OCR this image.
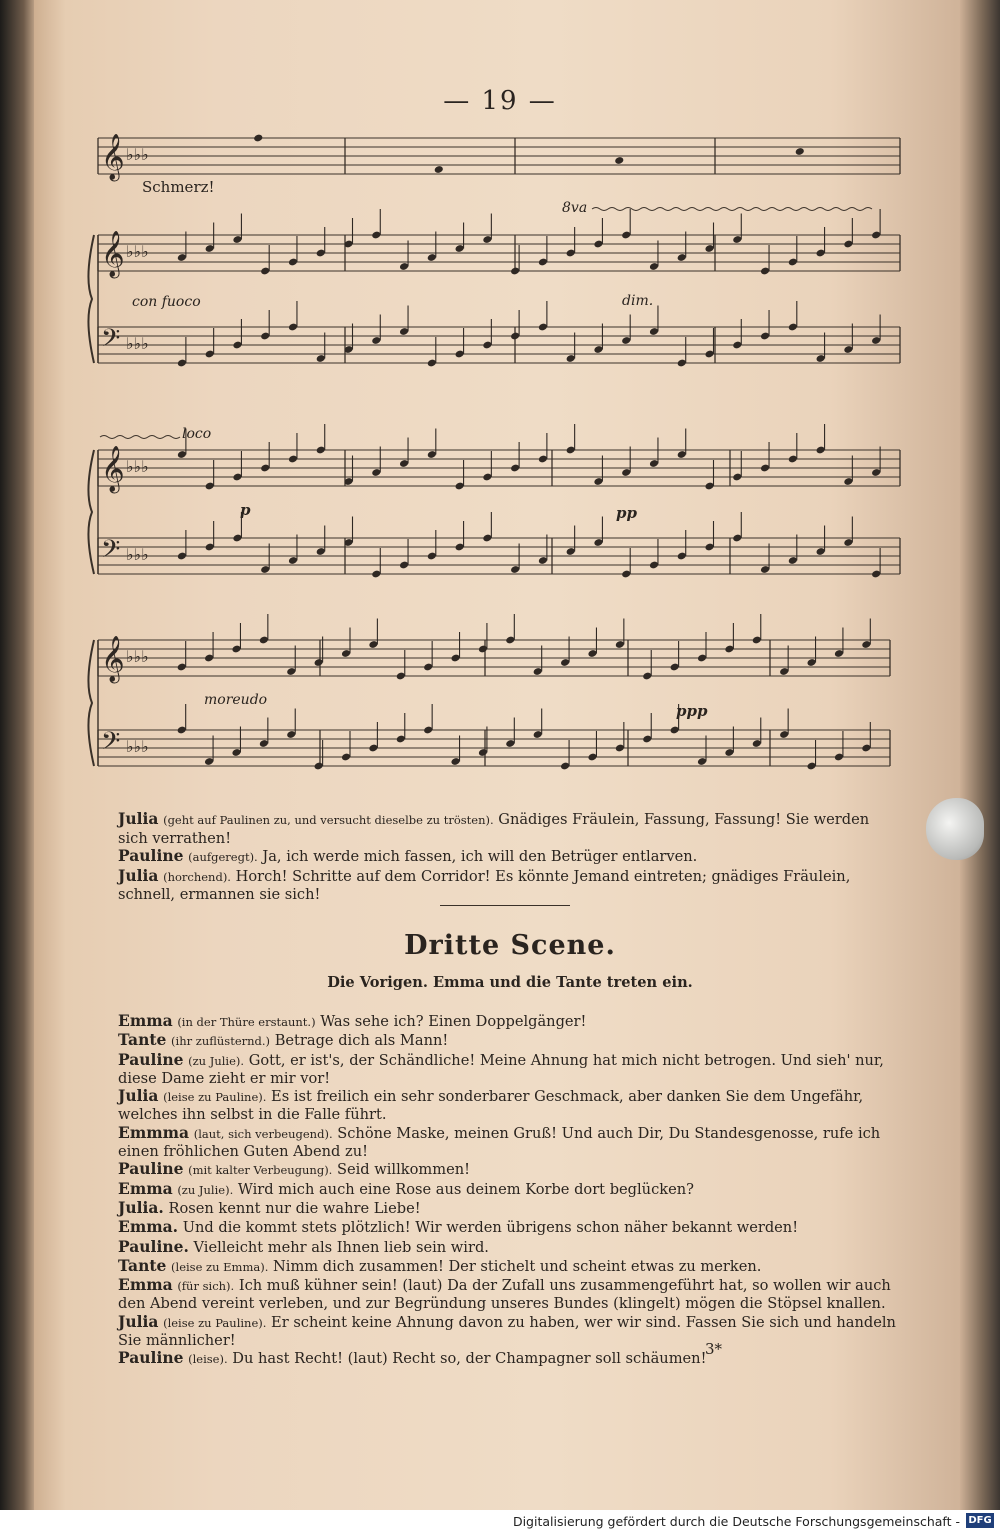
— 19 —
𝄞 ♭♭♭
𝄞 ♭♭♭
𝄢 ♭♭♭
𝄞 ♭♭♭
𝄢 ♭♭♭
𝄞 ♭♭♭
𝄢 ♭♭♭
Schmerz!
8va
loco
con fuoco	dim.
p	pp
moreudo
ppp
Julia (geht auf Paulinen zu, und versucht dieselbe zu trösten). Gnädiges Fräulein, Fassung, Fassung! Sie werden sich verrathen!
Pauline (aufgeregt). Ja, ich werde mich fassen, ich will den Betrüger entlarven.
Julia (horchend). Horch! Schritte auf dem Corridor! Es könnte Jemand eintreten; gnädiges Fräulein, schnell, ermannen sie sich!
Dritte Scene.
Die Vorigen. Emma und die Tante treten ein.
Emma (in der Thüre erstaunt.) Was sehe ich? Einen Doppelgänger!
Tante (ihr zuflüsternd.) Betrage dich als Mann!
Pauline (zu Julie). Gott, er ist's, der Schändliche! Meine Ahnung hat mich nicht betrogen. Und sieh' nur, diese Dame zieht er mir vor!
Julia (leise zu Pauline). Es ist freilich ein sehr sonderbarer Geschmack, aber danken Sie dem Ungefähr, welches ihn selbst in die Falle führt.
Emmma (laut, sich verbeugend). Schöne Maske, meinen Gruß! Und auch Dir, Du Standesgenosse, rufe ich einen fröhlichen Guten Abend zu!
Pauline (mit kalter Verbeugung). Seid willkommen!
Emma (zu Julie). Wird mich auch eine Rose aus deinem Korbe dort beglücken?
Julia. Rosen kennt nur die wahre Liebe!
Emma. Und die kommt stets plötzlich! Wir werden übrigens schon näher bekannt werden!
Pauline. Vielleicht mehr als Ihnen lieb sein wird.
Tante (leise zu Emma). Nimm dich zusammen! Der stichelt und scheint etwas zu merken.
Emma (für sich). Ich muß kühner sein! (laut) Da der Zufall uns zusammengeführt hat, so wollen wir auch den Abend vereint verleben, und zur Begründung unseres Bundes (klingelt) mögen die Stöpsel knallen.
Julia (leise zu Pauline). Er scheint keine Ahnung davon zu haben, wer wir sind. Fassen Sie sich und handeln Sie männlicher!
Pauline (leise). Du hast Recht! (laut) Recht so, der Champagner soll schäumen!
3*
Digitalisierung gefördert durch die Deutsche Forschungsgemeinschaft - DFG
